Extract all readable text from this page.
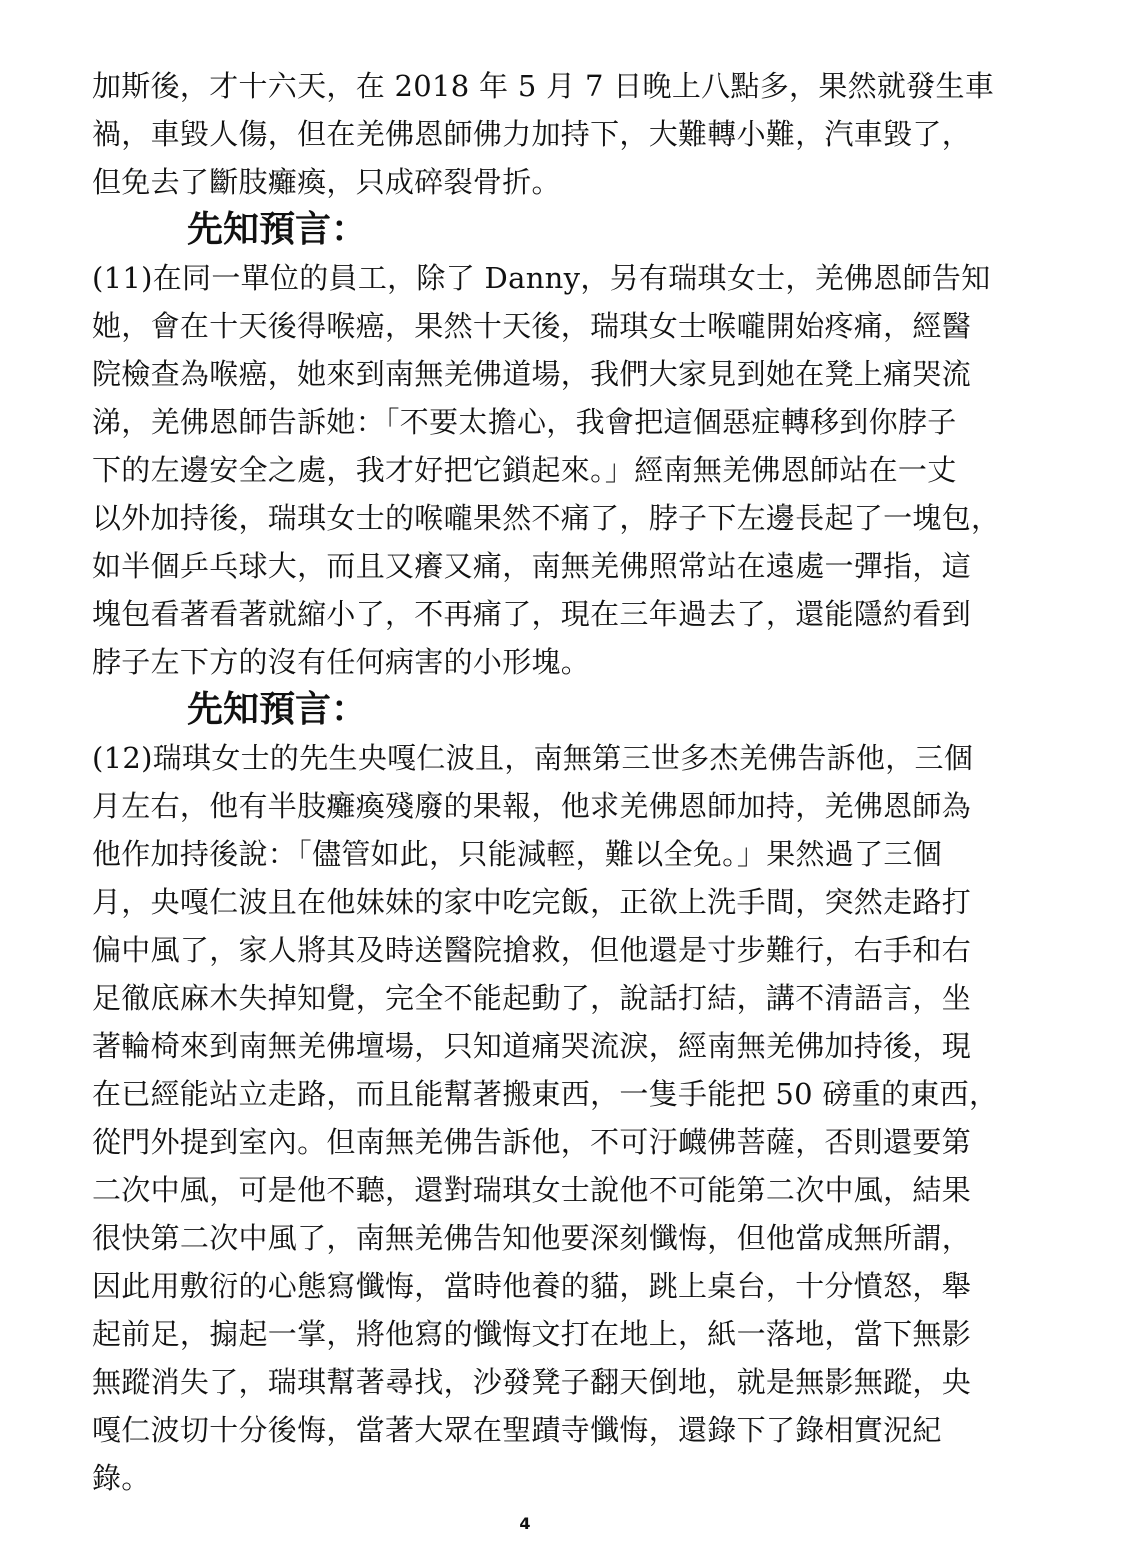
加斯後，才十六天，在 2018 年 5 月 7 日晚上八點多，果然就發生車
禍，車毀人傷，但在羌佛恩師佛力加持下，大難轉小難，汽車毀了，
但免去了斷肢癱瘓，只成碎裂骨折。
先知預言：
(11)在同一單位的員工，除了 Danny，另有瑞琪女士，羌佛恩師告知
她，會在十天後得喉癌，果然十天後，瑞琪女士喉嚨開始疼痛，經醫
院檢查為喉癌，她來到南無羌佛道場，我們大家見到她在凳上痛哭流
涕，羌佛恩師告訴她：「不要太擔心，我會把這個惡症轉移到你脖子
下的左邊安全之處，我才好把它鎖起來。」經南無羌佛恩師站在一丈
以外加持後，瑞琪女士的喉嚨果然不痛了，脖子下左邊長起了一塊包，
如半個乒乓球大，而且又癢又痛，南無羌佛照常站在遠處一彈指，這
塊包看著看著就縮小了，不再痛了，現在三年過去了，還能隱約看到
脖子左下方的沒有任何病害的小形塊。
先知預言：
(12)瑞琪女士的先生央嘎仁波且，南無第三世多杰羌佛告訴他，三個
月左右，他有半肢癱瘓殘廢的果報，他求羌佛恩師加持，羌佛恩師為
他作加持後說：「儘管如此，只能減輕，難以全免。」果然過了三個
月，央嘎仁波且在他妹妹的家中吃完飯，正欲上洗手間，突然走路打
偏中風了，家人將其及時送醫院搶救，但他還是寸步難行，右手和右
足徹底麻木失掉知覺，完全不能起動了，說話打結，講不清語言，坐
著輪椅來到南無羌佛壇場，只知道痛哭流淚，經南無羌佛加持後，現
在已經能站立走路，而且能幫著搬東西，一隻手能把 50 磅重的東西，
從門外提到室內。但南無羌佛告訴他，不可汙衊佛菩薩，否則還要第
二次中風，可是他不聽，還對瑞琪女士說他不可能第二次中風，結果
很快第二次中風了，南無羌佛告知他要深刻懺悔，但他當成無所謂，
因此用敷衍的心態寫懺悔，當時他養的貓，跳上桌台，十分憤怒，舉
起前足，搧起一掌，將他寫的懺悔文打在地上，紙一落地，當下無影
無蹤消失了，瑞琪幫著尋找，沙發凳子翻天倒地，就是無影無蹤，央
嘎仁波切十分後悔，當著大眾在聖蹟寺懺悔，還錄下了錄相實況紀
錄。
4
